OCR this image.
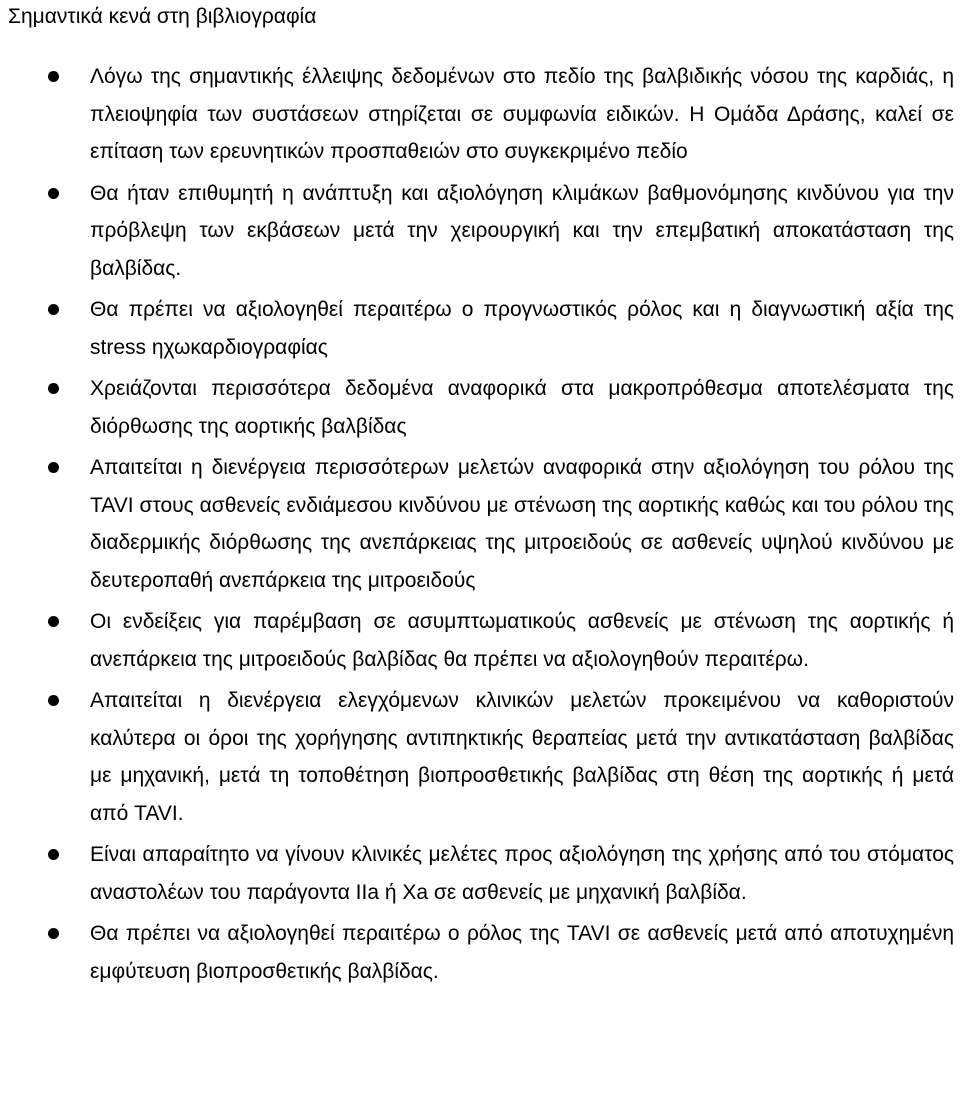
Σημαντικά κενά στη βιβλιογραφία
Λόγω της σημαντικής έλλειψης δεδομένων στο πεδίο της βαλβιδικής νόσου της καρδιάς, η πλειοψηφία των συστάσεων στηρίζεται σε συμφωνία ειδικών. Η Ομάδα Δράσης, καλεί σε επίταση των ερευνητικών προσπαθειών στο συγκεκριμένο πεδίο
Θα ήταν επιθυμητή η ανάπτυξη και αξιολόγηση κλιμάκων βαθμονόμησης κινδύνου για την πρόβλεψη των εκβάσεων μετά την χειρουργική και την επεμβατική αποκατάσταση της βαλβίδας.
Θα πρέπει να αξιολογηθεί περαιτέρω ο προγνωστικός ρόλος και η διαγνωστική αξία της stress ηχωκαρδιογραφίας
Χρειάζονται περισσότερα δεδομένα αναφορικά στα μακροπρόθεσμα αποτελέσματα της διόρθωσης της αορτικής βαλβίδας
Απαιτείται η διενέργεια περισσότερων μελετών αναφορικά στην αξιολόγηση του ρόλου της TAVI στους ασθενείς ενδιάμεσου κινδύνου με στένωση της αορτικής καθώς και του ρόλου της διαδερμικής διόρθωσης της ανεπάρκειας της μιτροειδούς σε ασθενείς υψηλού κινδύνου με δευτεροπαθή ανεπάρκεια της μιτροειδούς
Οι ενδείξεις για παρέμβαση σε ασυμπτωματικούς ασθενείς με στένωση της αορτικής ή ανεπάρκεια της μιτροειδούς βαλβίδας θα πρέπει να αξιολογηθούν περαιτέρω.
Απαιτείται η διενέργεια ελεγχόμενων κλινικών μελετών προκειμένου να καθοριστούν καλύτερα οι όροι της χορήγησης αντιπηκτικής θεραπείας μετά την αντικατάσταση βαλβίδας με μηχανική, μετά τη τοποθέτηση βιοπροσθετικής βαλβίδας στη θέση της αορτικής ή μετά από TAVI.
Είναι απαραίτητο να γίνουν κλινικές μελέτες προς αξιολόγηση της χρήσης από του στόματος αναστολέων του παράγοντα IIa ή Xa σε ασθενείς με μηχανική βαλβίδα.
Θα πρέπει να αξιολογηθεί περαιτέρω ο ρόλος της TAVI σε ασθενείς μετά από αποτυχημένη εμφύτευση βιοπροσθετικής βαλβίδας.
